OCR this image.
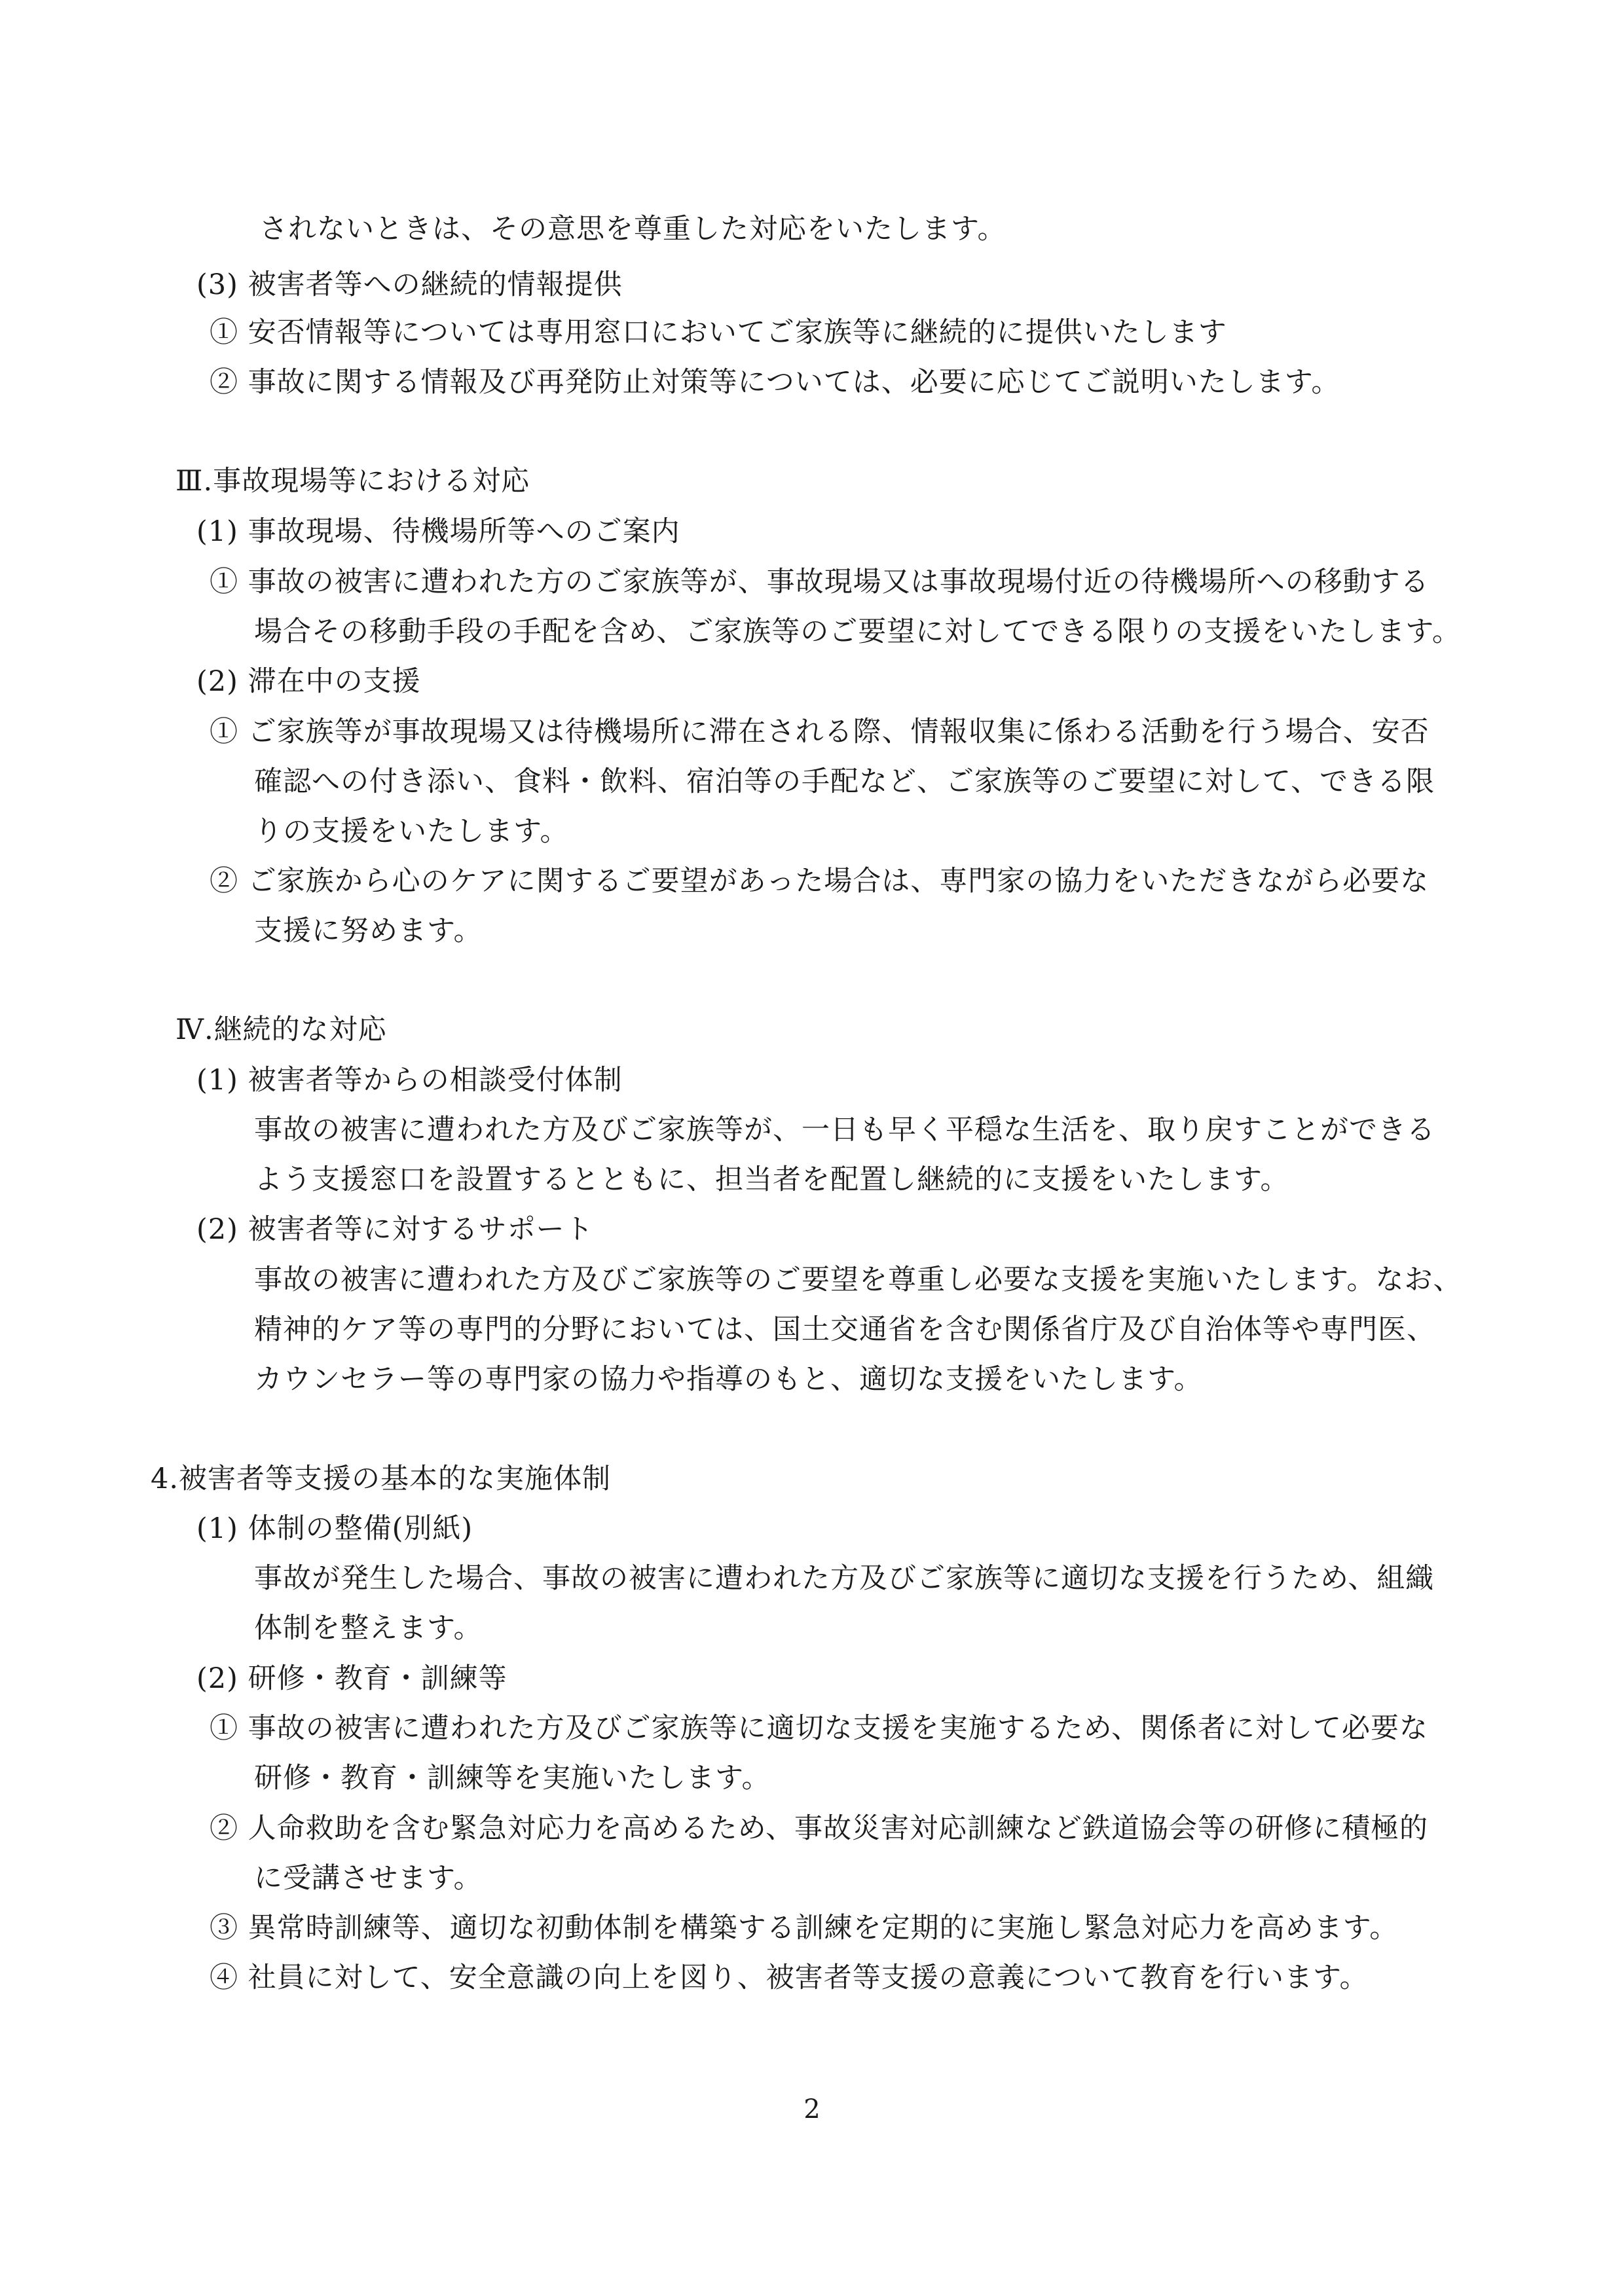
されないときは、その意思を尊重した対応をいたします。
(3) 被害者等への継続的情報提供
① 安否情報等については専用窓口においてご家族等に継続的に提供いたします
② 事故に関する情報及び再発防止対策等については、必要に応じてご説明いたします。
Ⅲ.事故現場等における対応
(1) 事故現場、待機場所等へのご案内
① 事故の被害に遭われた方のご家族等が、事故現場又は事故現場付近の待機場所への移動する
場合その移動手段の手配を含め、ご家族等のご要望に対してできる限りの支援をいたします。
(2) 滞在中の支援
① ご家族等が事故現場又は待機場所に滞在される際、情報収集に係わる活動を行う場合、安否
確認への付き添い、食料・飲料、宿泊等の手配など、ご家族等のご要望に対して、できる限
りの支援をいたします。
② ご家族から心のケアに関するご要望があった場合は、専門家の協力をいただきながら必要な
支援に努めます。
Ⅳ.継続的な対応
(1) 被害者等からの相談受付体制
事故の被害に遭われた方及びご家族等が、一日も早く平穏な生活を、取り戻すことができる
よう支援窓口を設置するとともに、担当者を配置し継続的に支援をいたします。
(2) 被害者等に対するサポート
事故の被害に遭われた方及びご家族等のご要望を尊重し必要な支援を実施いたします。なお、
精神的ケア等の専門的分野においては、国土交通省を含む関係省庁及び自治体等や専門医、
カウンセラー等の専門家の協力や指導のもと、適切な支援をいたします。
4.被害者等支援の基本的な実施体制
(1) 体制の整備(別紙)
事故が発生した場合、事故の被害に遭われた方及びご家族等に適切な支援を行うため、組織
体制を整えます。
(2) 研修・教育・訓練等
① 事故の被害に遭われた方及びご家族等に適切な支援を実施するため、関係者に対して必要な
研修・教育・訓練等を実施いたします。
② 人命救助を含む緊急対応力を高めるため、事故災害対応訓練など鉄道協会等の研修に積極的
に受講させます。
③ 異常時訓練等、適切な初動体制を構築する訓練を定期的に実施し緊急対応力を高めます。
④ 社員に対して、安全意識の向上を図り、被害者等支援の意義について教育を行います。
2
